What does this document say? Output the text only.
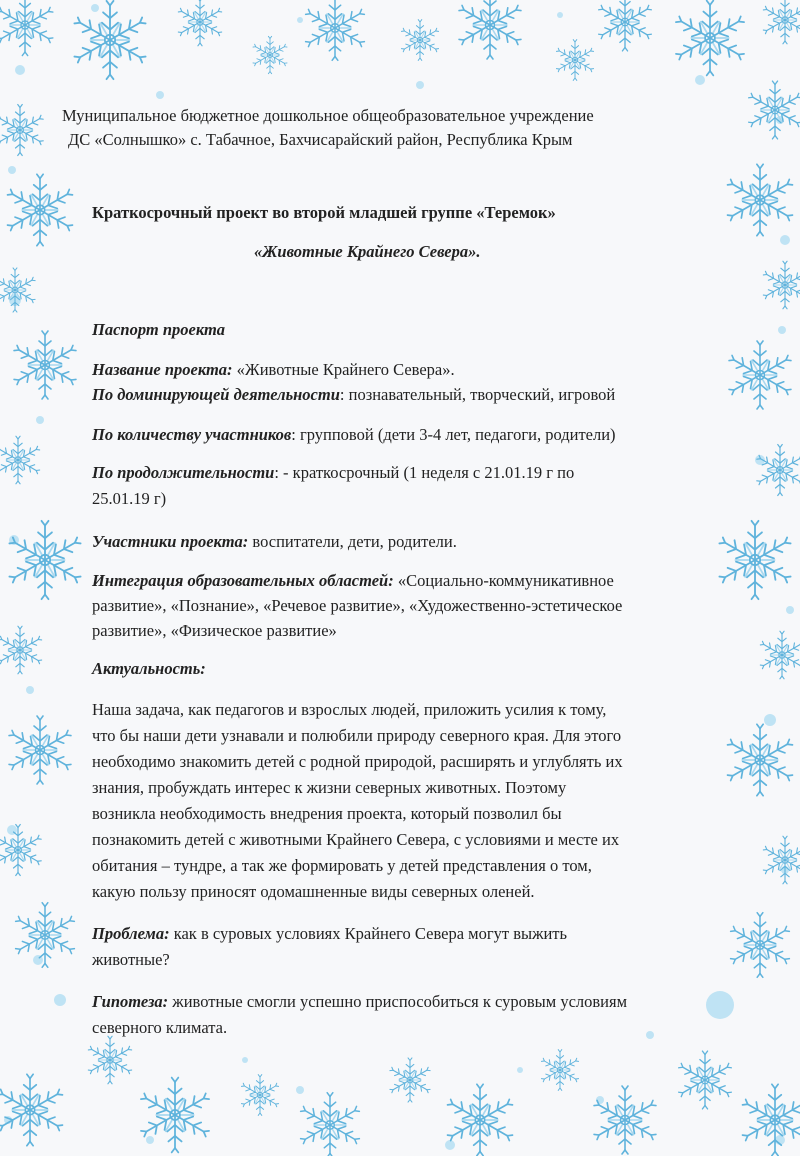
Муниципальное бюджетное дошкольное общеобразовательное учреждение
ДС «Солнышко» с. Табачное, Бахчисарайский район, Республика Крым
Краткосрочный проект во второй младшей группе «Теремок»
«Животные Крайнего Севера».
Паспорт проекта
Название проекта: «Животные Крайнего Севера».
По доминирующей деятельности: познавательный, творческий, игровой
По количеству участников: групповой (дети 3-4 лет, педагоги, родители)
По продолжительности: - краткосрочный (1 неделя с 21.01.19 г по
25.01.19 г)
Участники проекта: воспитатели, дети, родители.
Интеграция образовательных областей: «Социально-коммуникативное
развитие», «Познание», «Речевое развитие», «Художественно-эстетическое
развитие», «Физическое развитие»
Актуальность:
Наша задача, как педагогов и взрослых людей, приложить усилия к тому,
что бы наши дети узнавали и полюбили природу северного края. Для этого
необходимо знакомить детей с родной природой, расширять и углублять их
знания, пробуждать интерес к жизни северных животных. Поэтому
возникла необходимость внедрения проекта, который позволил бы
познакомить детей с животными Крайнего Севера, с условиями и месте их
обитания – тундре, а так же формировать у детей представления о том,
какую пользу приносят одомашненные виды северных оленей.
Проблема: как в суровых условиях Крайнего Севера могут выжить
животные?
Гипотеза: животные смогли успешно приспособиться к суровым условиям
северного климата.
